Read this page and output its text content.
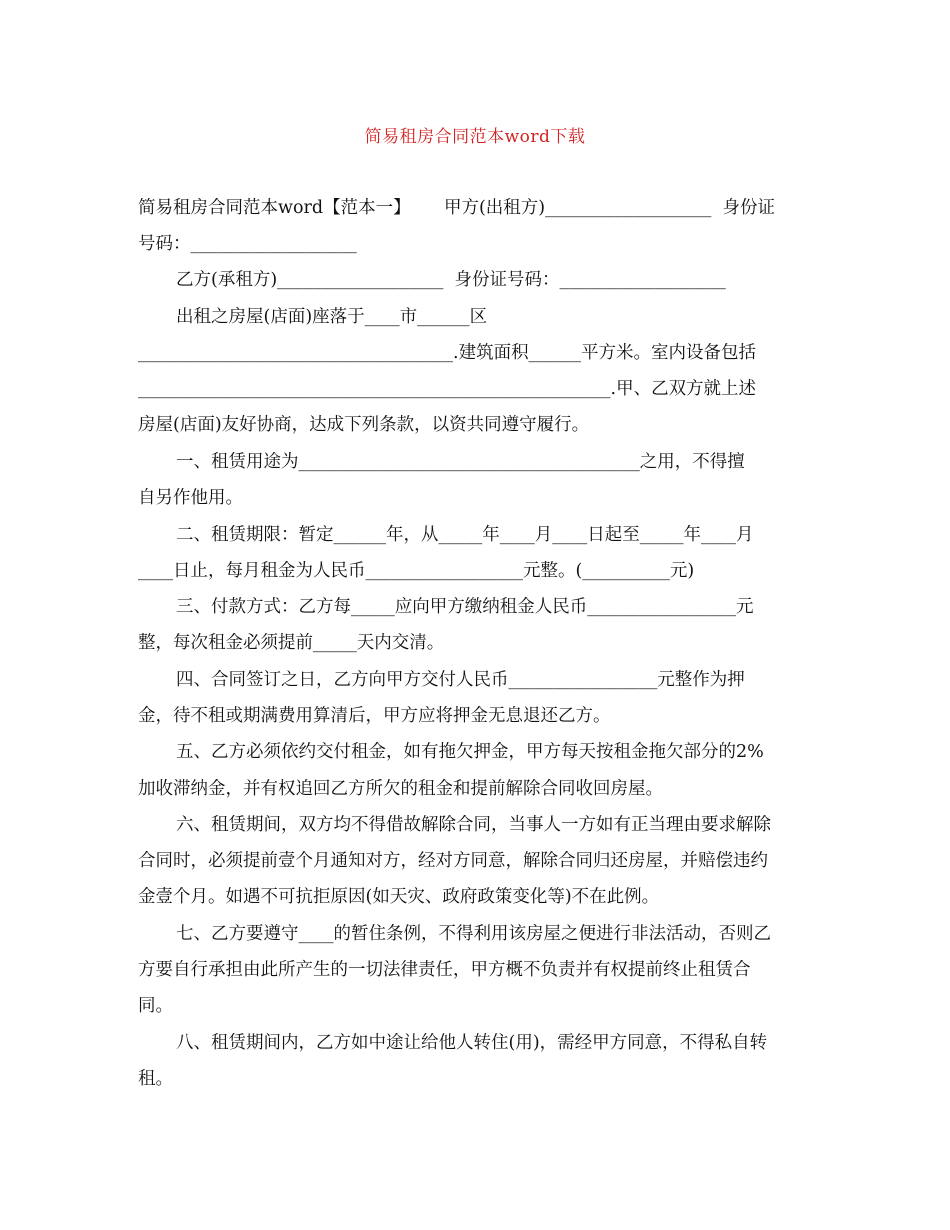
简易租房合同范本word下载
简易租房合同范本word【范本一】      甲方(出租方)___________________  身份证
号码：___________________
乙方(承租方)___________________  身份证号码：___________________
出租之房屋(店面)座落于____市______区
____________________________________.建筑面积______平方米。室内设备包括
______________________________________________________.甲、乙双方就上述
房屋(店面)友好协商，达成下列条款，以资共同遵守履行。
一、租赁用途为_______________________________________之用，不得擅
自另作他用。
二、租赁期限：暂定______年，从_____年____月____日起至_____年____月
____日止，每月租金为人民币__________________元整。(__________元)
三、付款方式：乙方每_____应向甲方缴纳租金人民币_________________元
整，每次租金必须提前_____天内交清。
四、合同签订之日，乙方向甲方交付人民币_________________元整作为押
金，待不租或期满费用算清后，甲方应将押金无息退还乙方。
五、乙方必须依约交付租金，如有拖欠押金，甲方每天按租金拖欠部分的2%
加收滞纳金，并有权追回乙方所欠的租金和提前解除合同收回房屋。
六、租赁期间，双方均不得借故解除合同，当事人一方如有正当理由要求解除
合同时，必须提前壹个月通知对方，经对方同意，解除合同归还房屋，并赔偿违约
金壹个月。如遇不可抗拒原因(如天灾、政府政策变化等)不在此例。
七、乙方要遵守____的暂住条例，不得利用该房屋之便进行非法活动，否则乙
方要自行承担由此所产生的一切法律责任，甲方概不负责并有权提前终止租赁合
同。
八、租赁期间内，乙方如中途让给他人转住(用)，需经甲方同意，不得私自转
租。
